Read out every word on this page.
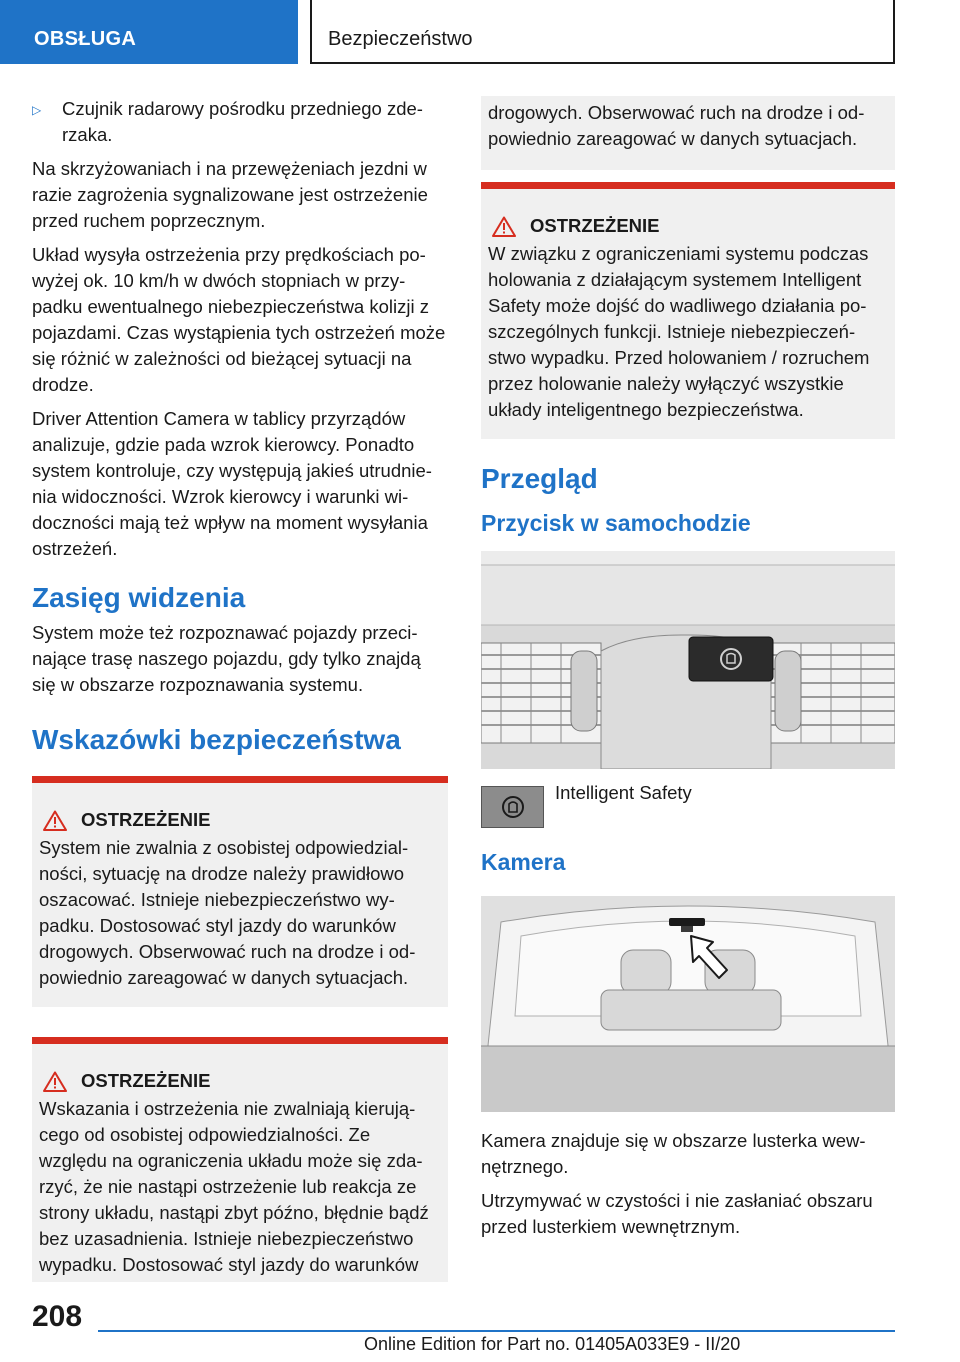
OBSŁUGA	Bezpieczeństwo
▷	Czujnik radarowy pośrodku przedniego zde-
rzaka.

Na skrzyżowaniach i na przewężeniach jezdni w razie zagrożenia sygnalizowane jest ostrzeżenie przed ruchem poprzecznym.

Układ wysyła ostrzeżenia przy prędkościach po-wyżej ok. 10 km/h w dwóch stopniach w przy-padku ewentualnego niebezpieczeństwa kolizji z pojazdami. Czas wystąpienia tych ostrzeżeń może się różnić w zależności od bieżącej sytuacji na drodze.

Driver Attention Camera w tablicy przyrządów analizuje, gdzie pada wzrok kierowcy. Ponadto system kontroluje, czy występują jakieś utrudnie-nia widoczności. Wzrok kierowcy i warunki wi-doczności mają też wpływ na moment wysyłania ostrzeżeń.

Zasięg widzenia

System może też rozpoznawać pojazdy przeci-nające trasę naszego pojazdu, gdy tylko znajdą się w obszarze rozpoznawania systemu.

Wskazówki bezpieczeństwa
OSTRZEŻENIE

System nie zwalnia z osobistej odpowiedzial-ności, sytuację na drodze należy prawidłowo oszacować. Istnieje niebezpieczeństwo wy-padku. Dostosować styl jazdy do warunków drogowych. Obserwować ruch na drodze i od-powiednio zareagować w danych sytuacjach.

OSTRZEŻENIE

Wskazania i ostrzeżenia nie zwalniają kierują-cego od osobistej odpowiedzialności. Ze względu na ograniczenia układu może się zda-rzyć, że nie nastąpi ostrzeżenie lub reakcja ze strony układu, nastąpi zbyt późno, błędnie bądź bez uzasadnienia. Istnieje niebezpieczeństwo wypadku. Dostosować styl jazdy do warunków

drogowych. Obserwować ruch na drodze i od-powiednio zareagować w danych sytuacjach.

OSTRZEŻENIE

W związku z ograniczeniami systemu podczas holowania z działającym systemem Intelligent Safety może dojść do wadliwego działania po-szczególnych funkcji. Istnieje niebezpieczeń-stwo wypadku. Przed holowaniem / rozruchem przez holowanie należy wyłączyć wszystkie układy inteligentnego bezpieczeństwa.

Przegląd
Przycisk w samochodzie

Intelligent Safety

Kamera

Kamera znajduje się w obszarze lusterka wew-nętrznego.

Utrzymywać w czystości i nie zasłaniać obszaru przed lusterkiem wewnętrznym.

208
Online Edition for Part no. 01405A033E9 - II/20
